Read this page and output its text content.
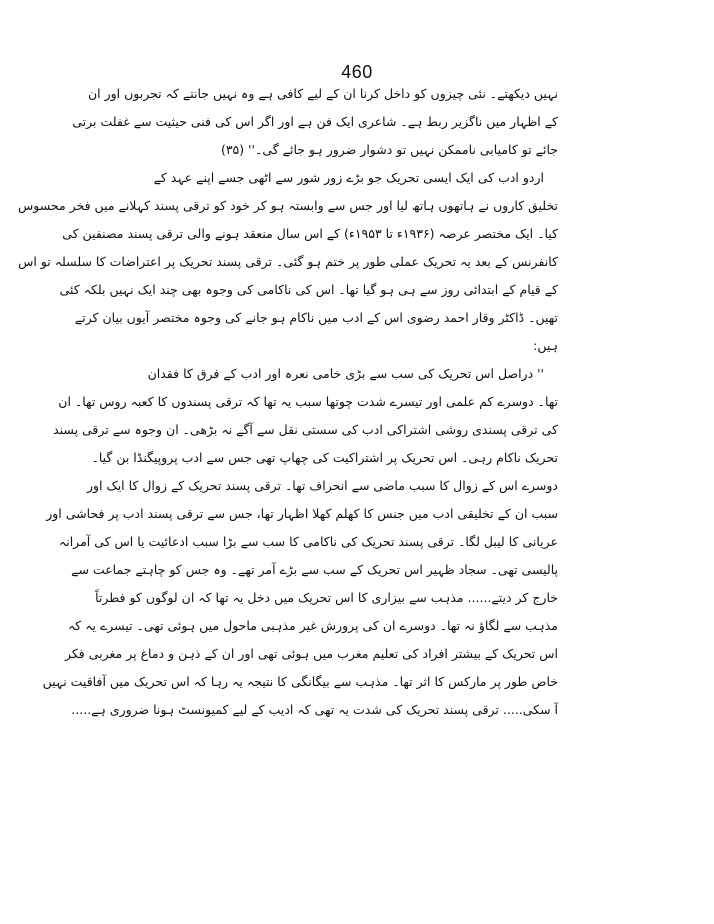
460
نہیں دیکھتے۔ نئی چیزوں کو داخل کرنا ان کے لیے کافی ہے وہ نہیں جانتے کہ تجربوں اور ان
کے اظہار میں ناگزیر ربط ہے۔ شاعری ایک فن ہے اور اگر اس کی فنی حیثیت سے غفلت برتی
جائے تو کامیابی ناممکن نہیں تو دشوار ضرور ہو جائے گی۔'' (۳۵)
اردو ادب کی ایک ایسی تحریک جو بڑے زور شور سے اٹھی جسے اپنے عہد کے
تخلیق کاروں نے ہاتھوں ہاتھ لیا اور جس سے وابستہ ہو کر خود کو ترقی پسند کہلانے میں فخر محسوس
کیا۔ ایک مختصر عرصہ (۱۹۳۶ء تا ۱۹۵۳ء) کے اس سال منعقد ہونے والی ترقی پسند مصنفین کی
کانفرنس کے بعد یہ تحریک عملی طور پر ختم ہو گئی۔ ترقی پسند تحریک پر اعتراضات کا سلسلہ تو اس
کے قیام کے ابتدائی روز سے ہی ہو گیا تھا۔ اس کی ناکامی کی وجوہ بھی چند ایک نہیں بلکہ کئی
تھیں۔ ڈاکٹر وقار احمد رضوی اس کے ادب میں ناکام ہو جانے کی وجوہ مختصر آیوں بیان کرتے
ہیں:
'' دراصل اس تحریک کی سب سے بڑی خامی نعرہ اور ادب کے فرق کا فقدان
تھا۔ دوسرے کم علمی اور تیسرے شدت چوتھا سبب یہ تھا کہ ترقی پسندوں کا کعبہ روس تھا۔ ان
کی ترقی پسندی روشی اشتراکی ادب کی سستی نقل سے آگے نہ بڑھی۔ ان وجوہ سے ترقی پسند
تحریک ناکام رہی۔ اس تحریک پر اشتراکیت کی چھاپ تھی جس سے ادب پروپیگنڈا بن گیا۔
دوسرے اس کے زوال کا سبب ماضی سے انحراف تھا۔ ترقی پسند تحریک کے زوال کا ایک اور
سبب ان کے تخلیقی ادب میں جنس کا کھلم کھلا اظہار تھا، جس سے ترقی پسند ادب پر فحاشی اور
عریانی کا لیبل لگا۔ ترقی پسند تحریک کی ناکامی کا سب سے بڑا سبب ادعائیت یا اس کی آمرانہ
پالیسی تھی۔ سجاد ظہیر اس تحریک کے سب سے بڑے آمر تھے۔ وہ جس کو چاہتے جماعت سے
خارج کر دیتے...... مذہب سے بیزاری کا اس تحریک میں دخل یہ تھا کہ ان لوگوں کو فطرتاً
مذہب سے لگاؤ نہ تھا۔ دوسرے ان کی پرورش غیر مذہبی ماحول میں ہوئی تھی۔ تیسرے یہ کہ
اس تحریک کے بیشتر افراد کی تعلیم مغرب میں ہوئی تھی اور ان کے ذہن و دماغ پر مغربی فکر
خاص طور پر مارکس کا اثر تھا۔ مذہب سے بیگانگی کا نتیجہ یہ رہا کہ اس تحریک میں آفاقیت نہیں
آ سکی..... ترقی پسند تحریک کی شدت یہ تھی کہ ادیب کے لیے کمیونسٹ ہونا ضروری ہے.....
